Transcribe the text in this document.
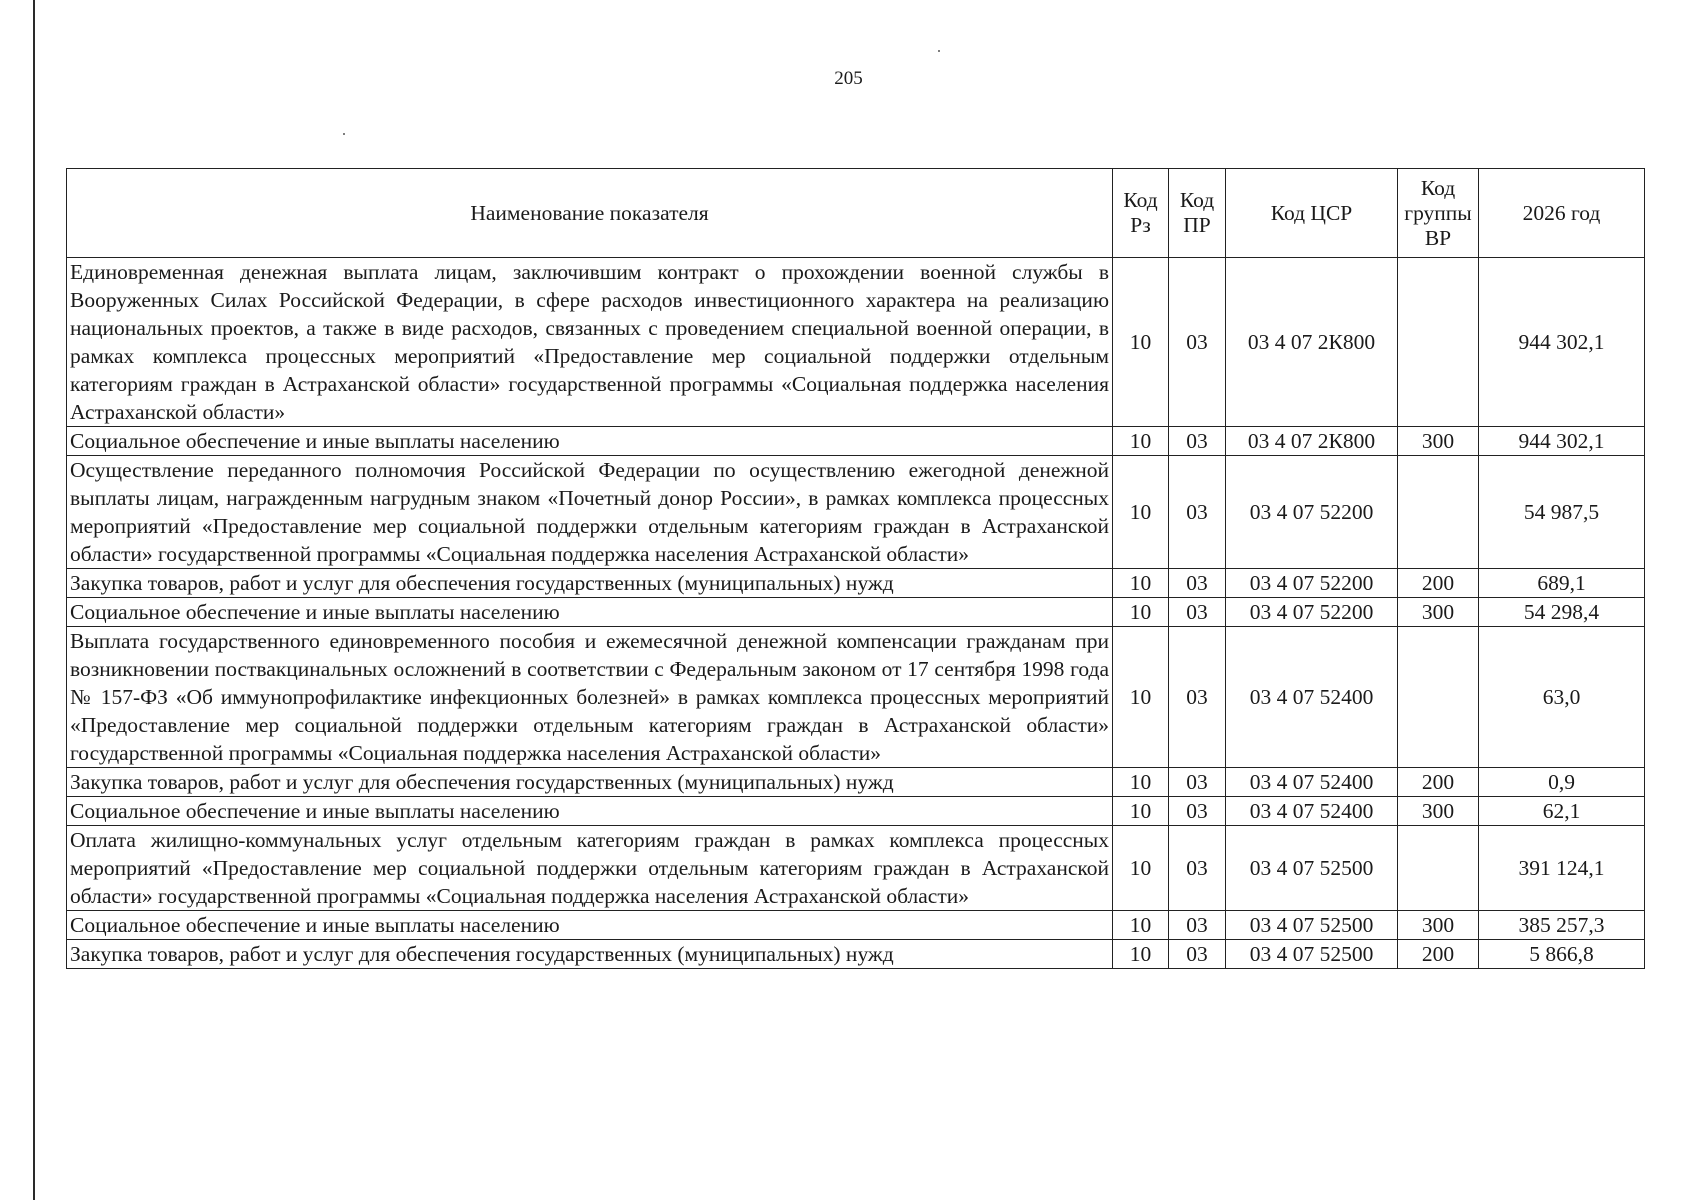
205
Наименование показателя	Код Рз	Код ПР	Код ЦСР	Код группы ВР	2026 год
Единовременная денежная выплата лицам, заключившим контракт о прохождении военной службы в Вооруженных Силах Российской Федерации, в сфере расходов инвестиционного характера на реализацию национальных проектов, а также в виде расходов, связанных с проведением специальной военной операции, в рамках комплекса процессных мероприятий «Предоставление мер социальной поддержки отдельным категориям граждан в Астраханской области» государственной программы «Социальная поддержка населения Астраханской области»	10	03	03 4 07 2К800		944 302,1
Социальное обеспечение и иные выплаты населению	10	03	03 4 07 2К800	300	944 302,1
Осуществление переданного полномочия Российской Федерации по осуществлению ежегодной денежной выплаты лицам, награжденным нагрудным знаком «Почетный донор России», в рамках комплекса процессных мероприятий «Предоставление мер социальной поддержки отдельным категориям граждан в Астраханской области» государственной программы «Социальная поддержка населения Астраханской области»	10	03	03 4 07 52200		54 987,5
Закупка товаров, работ и услуг для обеспечения государственных (муниципальных) нужд	10	03	03 4 07 52200	200	689,1
Социальное обеспечение и иные выплаты населению	10	03	03 4 07 52200	300	54 298,4
Выплата государственного единовременного пособия и ежемесячной денежной компенсации гражданам при возникновении поствакцинальных осложнений в соответствии с Федеральным законом от 17 сентября 1998 года № 157-ФЗ «Об иммунопрофилактике инфекционных болезней» в рамках комплекса процессных мероприятий «Предоставление мер социальной поддержки отдельным категориям граждан в Астраханской области» государственной программы «Социальная поддержка населения Астраханской области»	10	03	03 4 07 52400		63,0
Закупка товаров, работ и услуг для обеспечения государственных (муниципальных) нужд	10	03	03 4 07 52400	200	0,9
Социальное обеспечение и иные выплаты населению	10	03	03 4 07 52400	300	62,1
Оплата жилищно-коммунальных услуг отдельным категориям граждан в рамках комплекса процессных мероприятий «Предоставление мер социальной поддержки отдельным категориям граждан в Астраханской области» государственной программы «Социальная поддержка населения Астраханской области»	10	03	03 4 07 52500		391 124,1
Социальное обеспечение и иные выплаты населению	10	03	03 4 07 52500	300	385 257,3
Закупка товаров, работ и услуг для обеспечения государственных (муниципальных) нужд	10	03	03 4 07 52500	200	5 866,8
